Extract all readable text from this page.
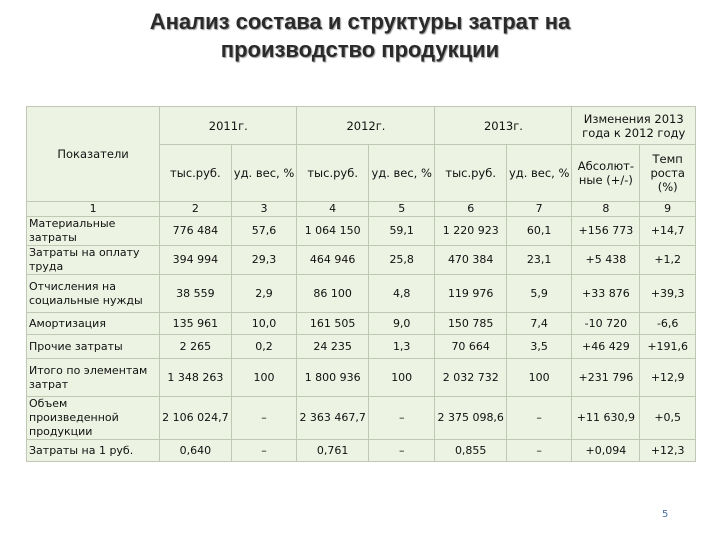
Анализ состава и структуры затрат на
производство продукции
Показатели	2011г.		2012г.		2013г.		Изменения 2013 года к 2012 году	
	тыс.руб.	уд. вес, %	тыс.руб.	уд. вес, %	тыс.руб.	уд. вес, %	Абсолют-ные (+/-)	Темп роста (%)
1	2	3	4	5	6	7	8	9
Материальные затраты	776 484	57,6	1 064 150	59,1	1 220 923	60,1	+156 773	+14,7
Затраты на оплату труда	394 994	29,3	464 946	25,8	470 384	23,1	+5 438	+1,2
Отчисления на социальные нужды	38 559	2,9	86 100	4,8	119 976	5,9	+33 876	+39,3
Амортизация	135 961	10,0	161 505	9,0	150 785	7,4	-10 720	-6,6
Прочие затраты	2 265	0,2	24 235	1,3	70 664	3,5	+46 429	+191,6
Итого по элементам затрат	1 348 263	100	1 800 936	100	2 032 732	100	+231 796	+12,9
Объем произведенной продукции	2 106 024,7	–	2 363 467,7	–	2 375 098,6	–	+11 630,9	+0,5
Затраты на 1 руб.	0,640	–	0,761	–	0,855	–	+0,094	+12,3
5
